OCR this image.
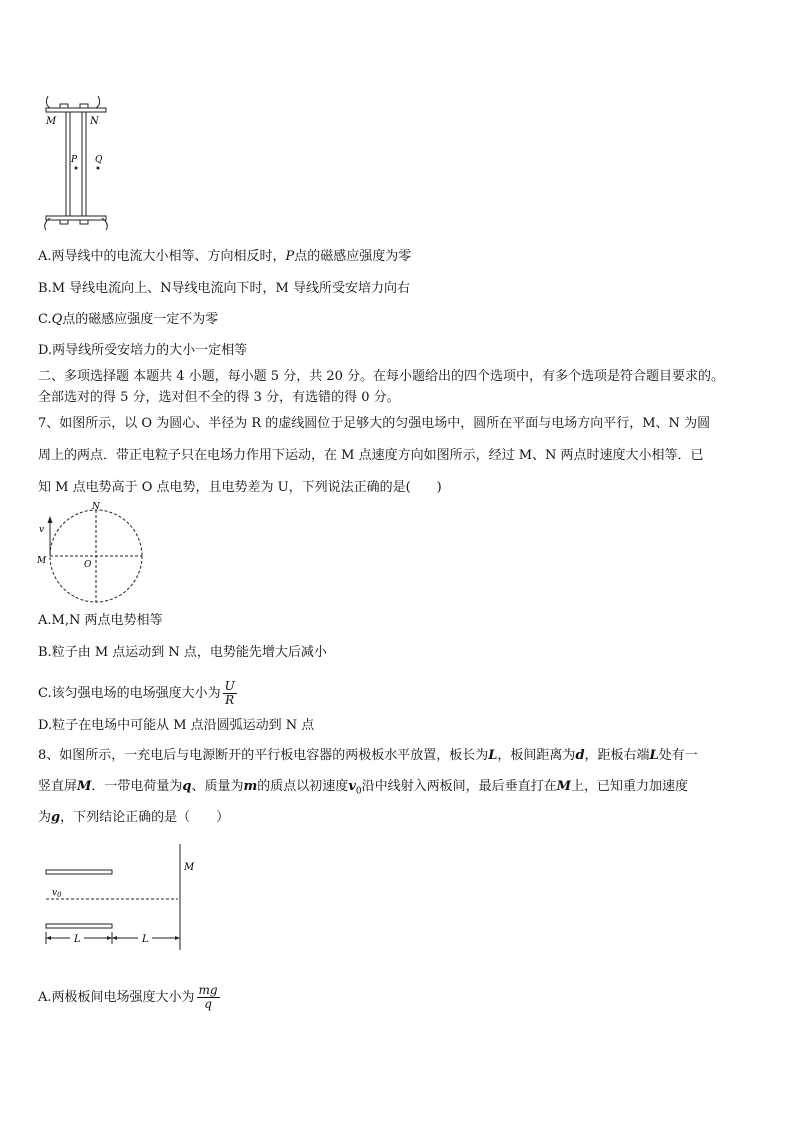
M	N
P Q
A.两导线中的电流大小相等、方向相反时，P点的磁感应强度为零
B.M 导线电流向上、N导线电流向下时，M 导线所受安培力向右
C.Q点的磁感应强度一定不为零
D.两导线所受安培力的大小一定相等
二、多项选择题 本题共 4 小题，每小题 5 分，共 20 分。在每小题给出的四个选项中，有多个选项是符合题目要求的。
全部选对的得 5 分，选对但不全的得 3 分，有选错的得 0 分。
7、如图所示，以 O 为圆心、半径为 R 的虚线圆位于足够大的匀强电场中，圆所在平面与电场方向平行，M、N 为圆
周上的两点．带正电粒子只在电场力作用下运动，在 M 点速度方向如图所示，经过 M、N 两点时速度大小相等．已
知 M 点电势高于 O 点电势，且电势差为 U，下列说法正确的是(　　)
v
N
M	O
A.M,N 两点电势相等
B.粒子由 M 点运动到 N 点，电势能先增大后减小
C.该匀强电场的电场强度大小为 $\frac{U}{R}$
D.粒子在电场中可能从 M 点沿圆弧运动到 N 点
8、如图所示，一充电后与电源断开的平行板电容器的两极板水平放置，板长为L，板间距离为d，距板右端L处有一
竖直屏M．一带电荷量为q、质量为m的质点以初速度$v_0$沿中线射入两板间，最后垂直打在M上，已知重力加速度
为g，下列结论正确的是（　　）
M
$v_0$
L	L
A.两极板间电场强度大小为 $\frac{mg}{q}$
